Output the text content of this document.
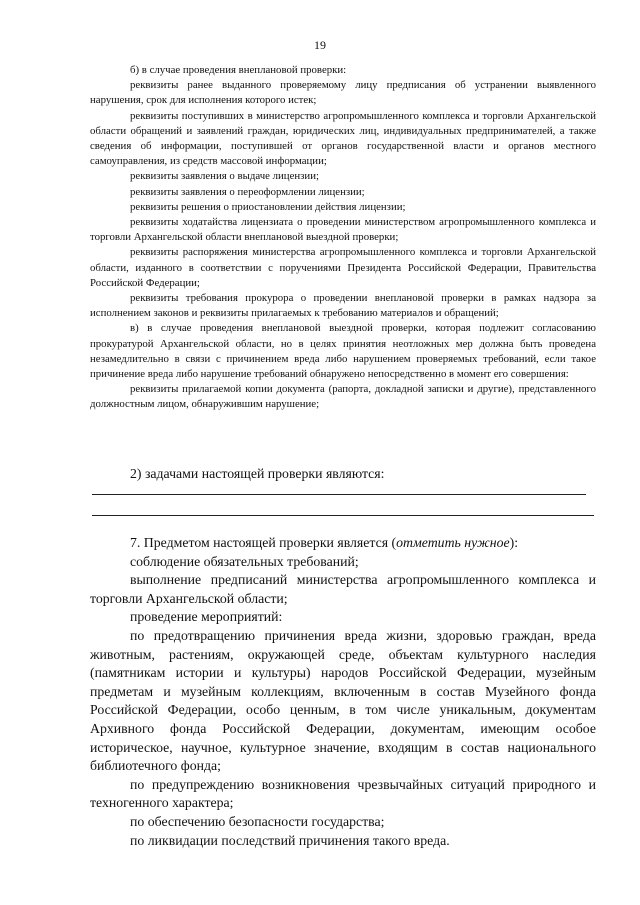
19

б) в случае проведения внеплановой проверки:

реквизиты ранее выданного проверяемому лицу предписания об устранении выявленного нарушения, срок для исполнения которого истек;

реквизиты поступивших в министерство агропромышленного комплекса и торговли Архангельской области обращений и заявлений граждан, юридических лиц, индивидуальных предпринимателей, а также сведения об информации, поступившей от органов государственной власти и органов местного самоуправления, из средств массовой информации;

реквизиты заявления о выдаче лицензии;

реквизиты заявления о переоформлении лицензии;

реквизиты решения о приостановлении действия лицензии;

реквизиты ходатайства лицензиата о проведении министерством агропромышленного комплекса и торговли Архангельской области внеплановой выездной проверки;

реквизиты распоряжения министерства агропромышленного комплекса и торговли Архангельской области, изданного в соответствии с поручениями Президента Российской Федерации, Правительства Российской Федерации;

реквизиты требования прокурора о проведении внеплановой проверки в рамках надзора за исполнением законов и реквизиты прилагаемых к требованию материалов и обращений;

в) в случае проведения внеплановой выездной проверки, которая подлежит согласованию прокуратурой Архангельской области, но в целях принятия неотложных мер должна быть проведена незамедлительно в связи с причинением вреда либо нарушением проверяемых требований, если такое причинение вреда либо нарушение требований обнаружено непосредственно в момент его совершения:

реквизиты прилагаемой копии документа (рапорта, докладной записки и другие), представленного должностным лицом, обнаружившим нарушение;

2) задачами настоящей проверки являются:

7. Предметом настоящей проверки является (отметить нужное):

соблюдение обязательных требований;

выполнение предписаний министерства агропромышленного комплекса и торговли Архангельской области;

проведение мероприятий:

по предотвращению причинения вреда жизни, здоровью граждан, вреда животным, растениям, окружающей среде, объектам культурного наследия (памятникам истории и культуры) народов Российской Федерации, музейным предметам и музейным коллекциям, включенным в состав Музейного фонда Российской Федерации, особо ценным, в том числе уникальным, документам Архивного фонда Российской Федерации, документам, имеющим особое историческое, научное, культурное значение, входящим в состав национального библиотечного фонда;

по предупреждению возникновения чрезвычайных ситуаций природного и техногенного характера;

по обеспечению безопасности государства;

по ликвидации последствий причинения такого вреда.
